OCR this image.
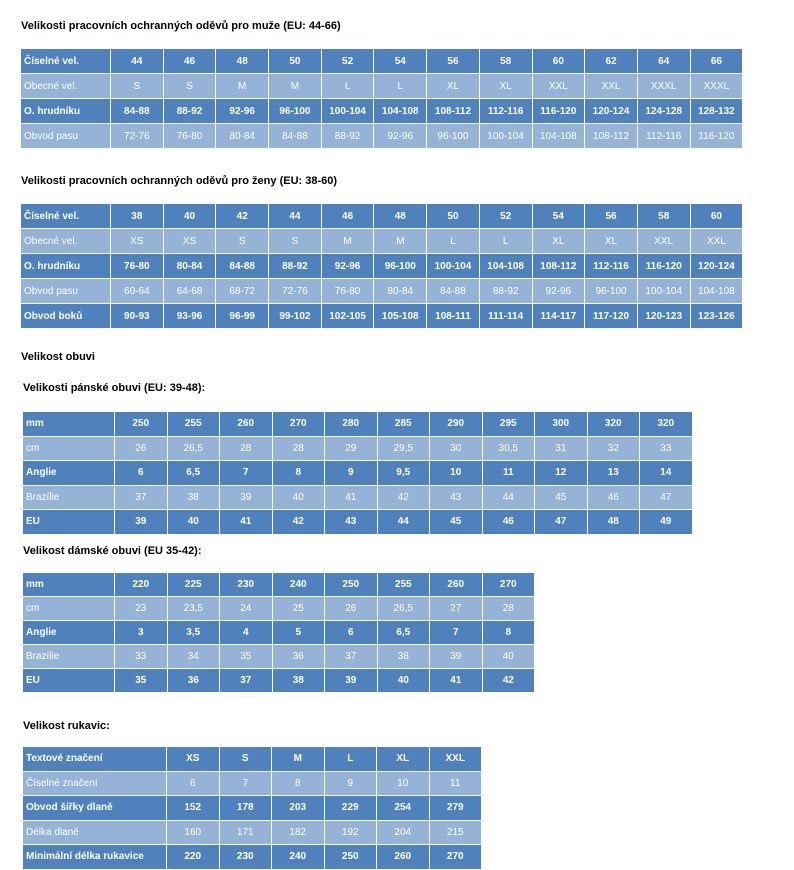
Velikosti pracovních ochranných oděvů pro muže (EU: 44-66)
Číselné vel.	44	46	48	50	52	54	56	58	60	62	64	66
Obecné vel.	S	S	M	M	L	L	XL	XL	XXL	XXL	XXXL	XXXL
O. hrudníku	84-88	88-92	92-96	96-100	100-104	104-108	108-112	112-116	116-120	120-124	124-128	128-132
Obvod pasu	72-76	76-80	80-84	84-88	88-92	92-96	96-100	100-104	104-108	108-112	112-116	116-120
Velikosti pracovních ochranných oděvů pro ženy (EU: 38-60)
Číselné vel.	38	40	42	44	46	48	50	52	54	56	58	60
Obecné vel.	XS	XS	S	S	M	M	L	L	XL	XL	XXL	XXL
O. hrudníku	76-80	80-84	84-88	88-92	92-96	96-100	100-104	104-108	108-112	112-116	116-120	120-124
Obvod pasu	60-64	64-68	68-72	72-76	76-80	80-84	84-88	88-92	92-96	96-100	100-104	104-108
Obvod boků	90-93	93-96	96-99	99-102	102-105	105-108	108-111	111-114	114-117	117-120	120-123	123-126
Velikost obuvi
Velikosti pánské obuvi (EU: 39-48):
mm	250	255	260	270	280	285	290	295	300	320	320
cm	26	26,5	28	28	29	29,5	30	30,5	31	32	33
Anglie	6	6,5	7	8	9	9,5	10	11	12	13	14
Brazílie	37	38	39	40	41	42	43	44	45	46	47
EU	39	40	41	42	43	44	45	46	47	48	49
Velikost dámské obuvi (EU 35-42):
mm	220	225	230	240	250	255	260	270
cm	23	23,5	24	25	26	26,5	27	28
Anglie	3	3,5	4	5	6	6,5	7	8
Brazílie	33	34	35	36	37	38	39	40
EU	35	36	37	38	39	40	41	42
Velikost rukavic:
Textové značení	XS	S	M	L	XL	XXL
Číselné značení	6	7	8	9	10	11
Obvod šířky dlaně	152	178	203	229	254	279
Délka dlaně	160	171	182	192	204	215
Minimální délka rukavice	220	230	240	250	260	270
